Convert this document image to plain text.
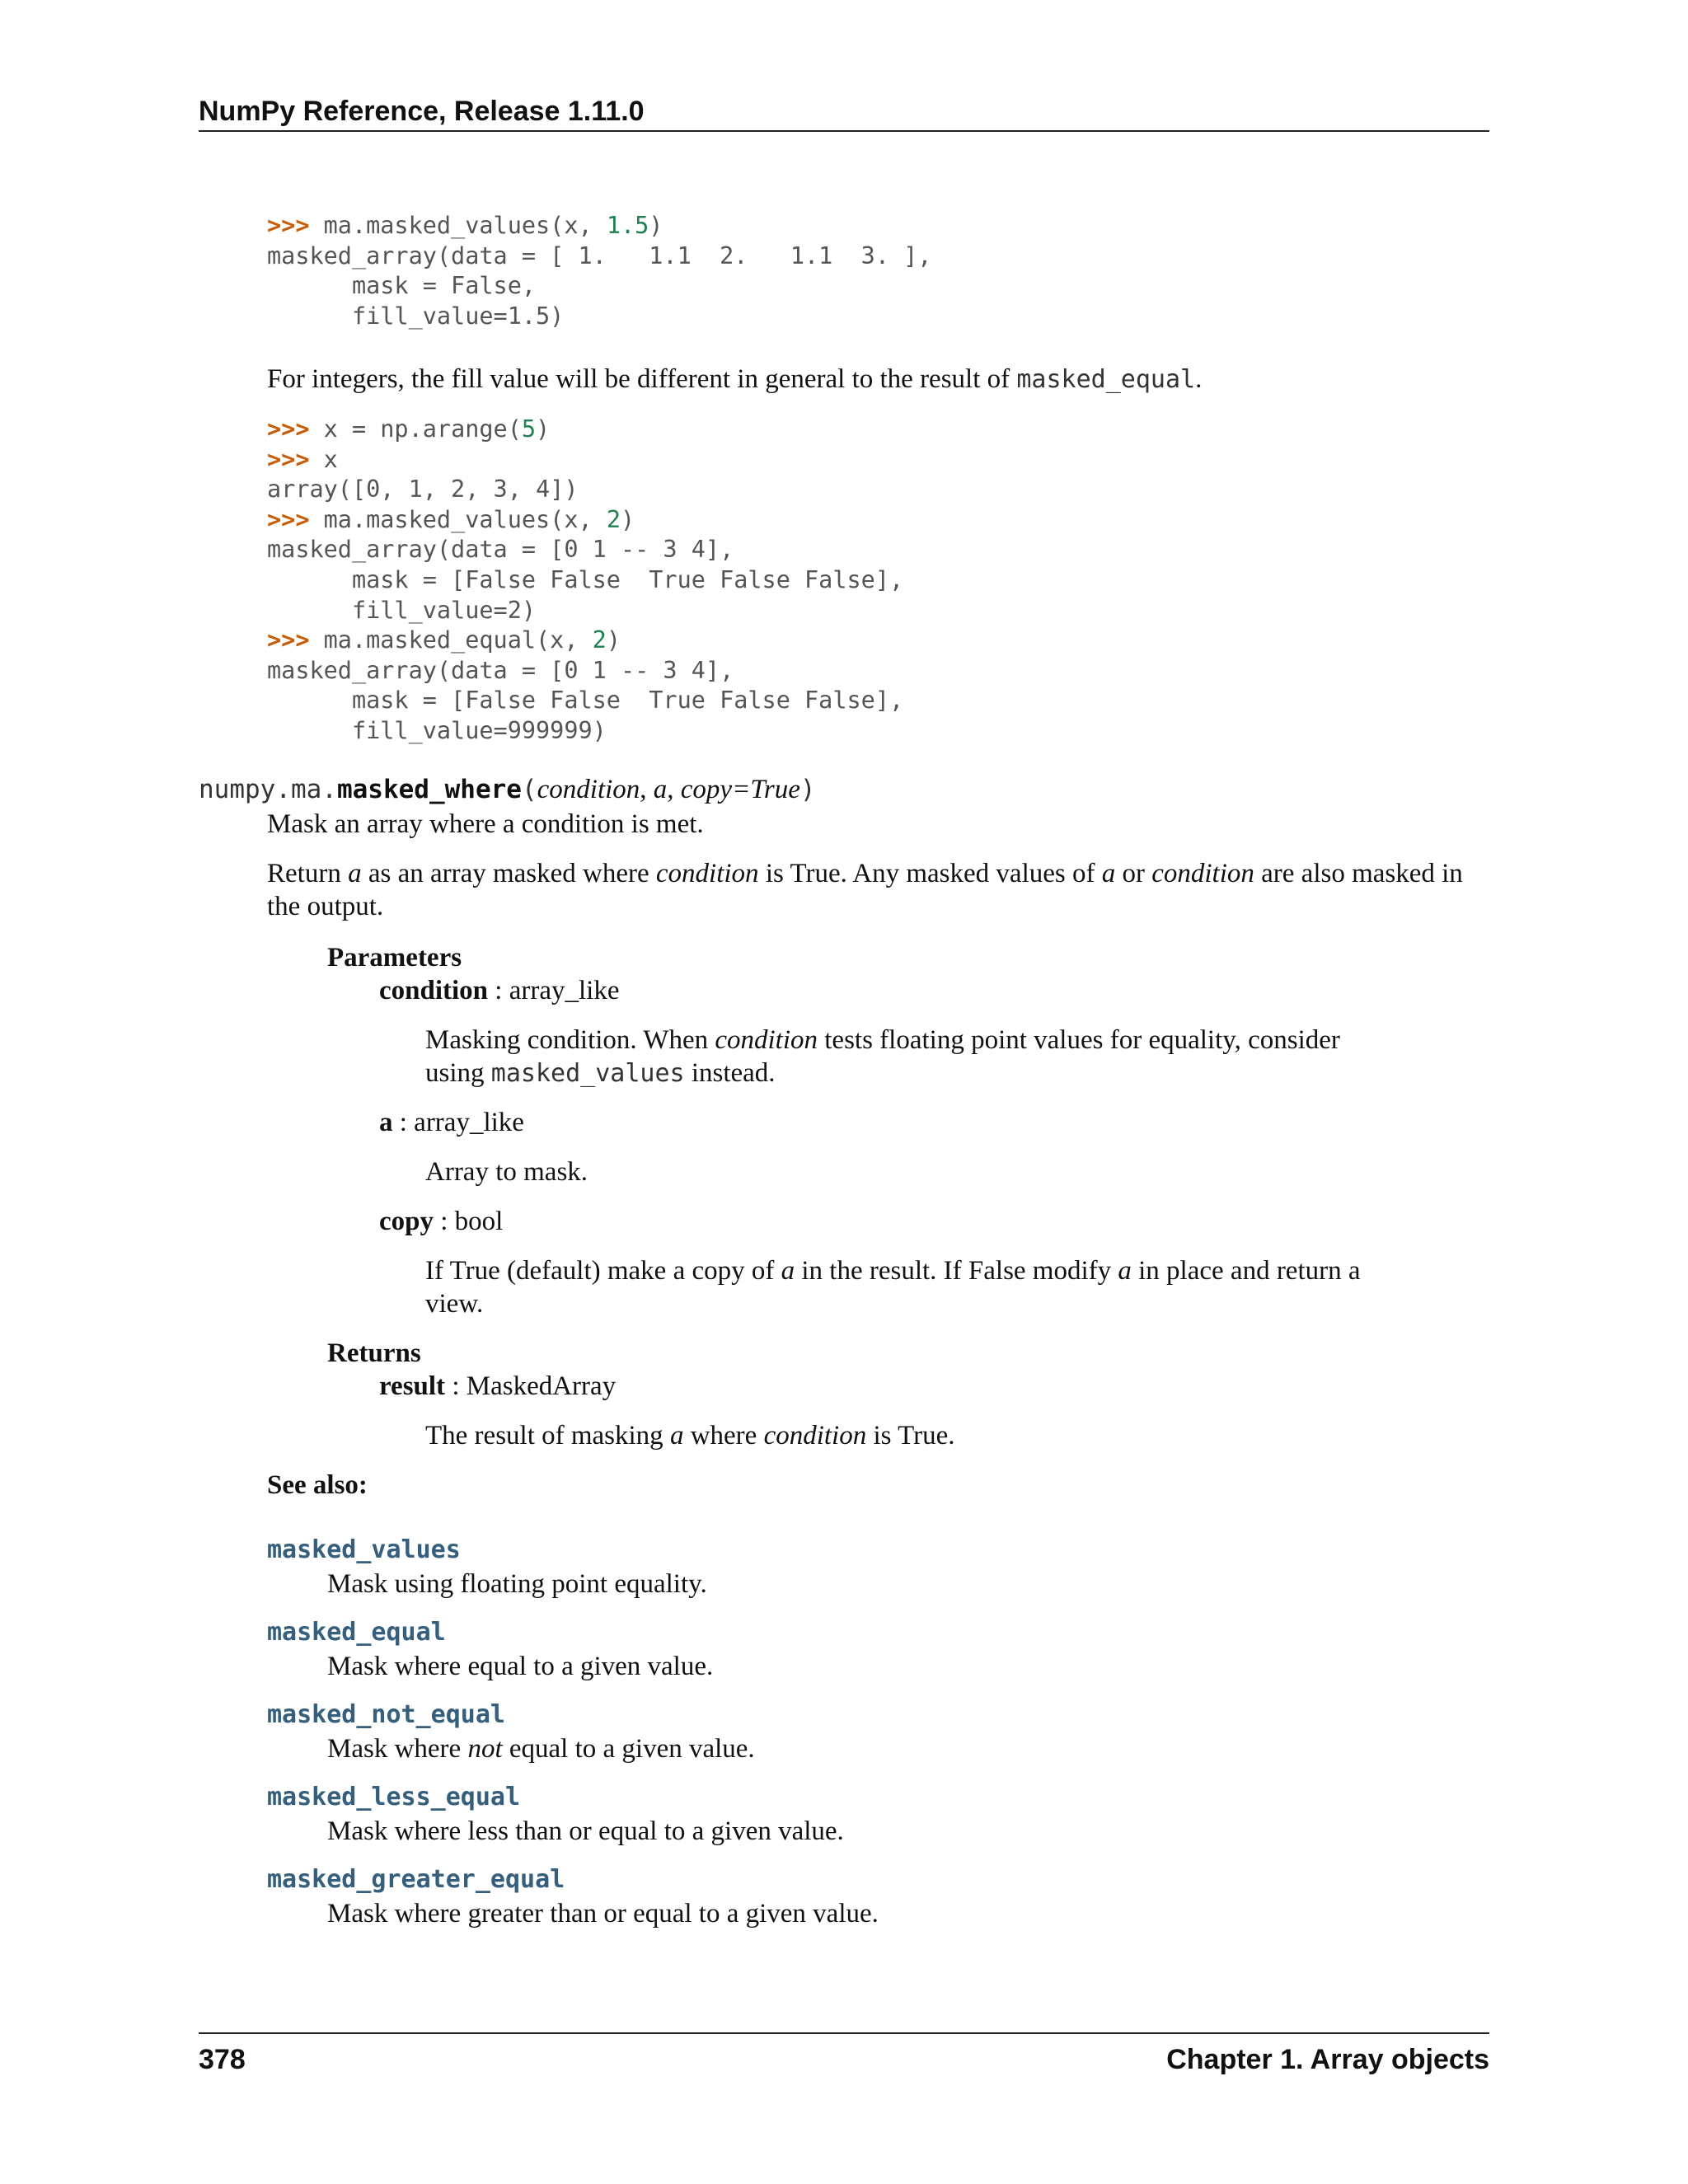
NumPy Reference, Release 1.11.0
>>> ma.masked_values(x, 1.5)
masked_array(data = [ 1.   1.1  2.   1.1  3. ],
mask = False,
fill_value=1.5)
For integers, the fill value will be different in general to the result of masked_equal.
>>> x = np.arange(5)
>>> x
array([0, 1, 2, 3, 4])
>>> ma.masked_values(x, 2)
masked_array(data = [0 1 -- 3 4],
mask = [False False  True False False],
fill_value=2)
>>> ma.masked_equal(x, 2)
masked_array(data = [0 1 -- 3 4],
mask = [False False  True False False],
fill_value=999999)
numpy.ma.masked_where(condition, a, copy=True)
Mask an array where a condition is met.
Return a as an array masked where condition is True. Any masked values of a or condition are also masked in
the output.
Parameters
condition : array_like
Masking condition. When condition tests floating point values for equality, consider
using masked_values instead.
a : array_like
Array to mask.
copy : bool
If True (default) make a copy of a in the result. If False modify a in place and return a
view.
Returns
result : MaskedArray
The result of masking a where condition is True.
See also:
masked_values
Mask using floating point equality.
masked_equal
Mask where equal to a given value.
masked_not_equal
Mask where not equal to a given value.
masked_less_equal
Mask where less than or equal to a given value.
masked_greater_equal
Mask where greater than or equal to a given value.
378	Chapter 1. Array objects
